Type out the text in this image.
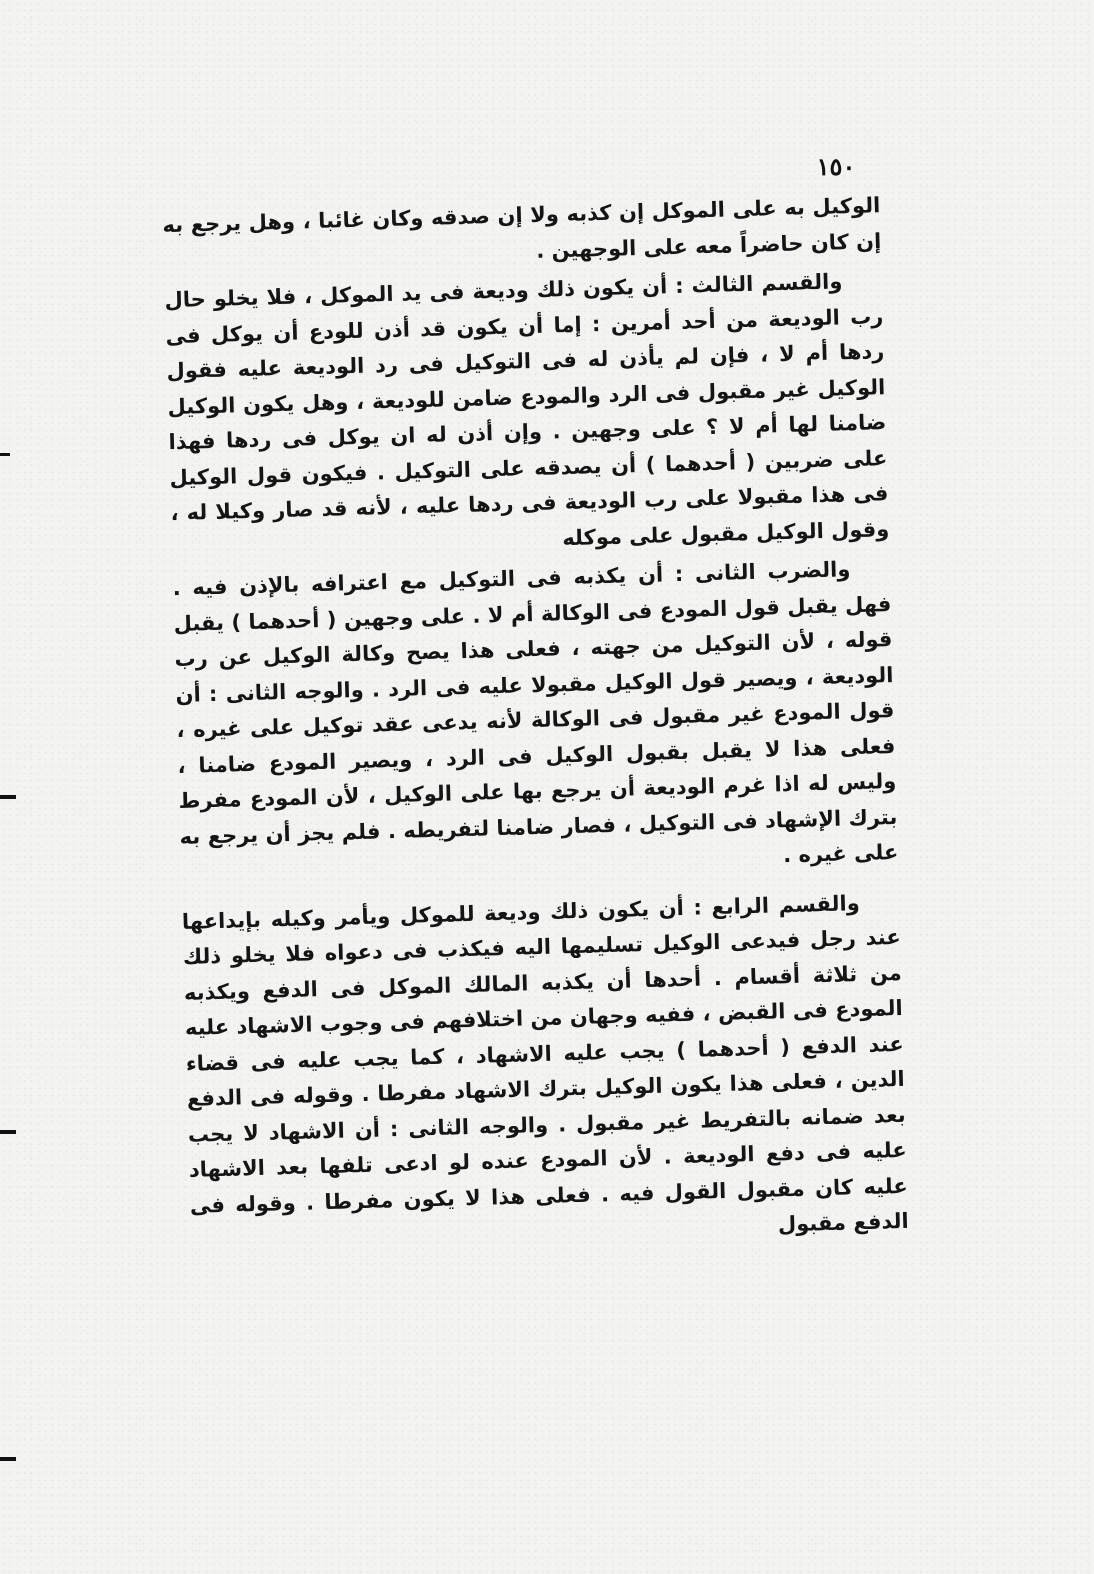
١٥٠

الوكيل به على الموكل إن كذبه ولا إن صدقه وكان غائبا ، وهل يرجع به إن كان حاضراً معه على الوجهين .

والقسم الثالث : أن يكون ذلك وديعة فى يد الموكل ، فلا يخلو حال رب الوديعة من أحد أمرين : إما أن يكون قد أذن للودع أن يوكل فى ردها أم لا ، فإن لم يأذن له فى التوكيل فى رد الوديعة عليه فقول الوكيل غير مقبول فى الرد والمودع ضامن للوديعة ، وهل يكون الوكيل ضامنا لها أم لا ؟ على وجهين . وإن أذن له ان يوكل فى ردها فهذا على ضربين ( أحدهما ) أن يصدقه على التوكيل . فيكون قول الوكيل فى هذا مقبولا على رب الوديعة فى ردها عليه ، لأنه قد صار وكيلا له ، وقول الوكيل مقبول على موكله

والضرب الثانى : أن يكذبه فى التوكيل مع اعترافه بالإذن فيه . فهل يقبل قول المودع فى الوكالة أم لا . على وجهين ( أحدهما ) يقبل قوله ، لأن التوكيل من جهته ، فعلى هذا يصح وكالة الوكيل عن رب الوديعة ، ويصير قول الوكيل مقبولا عليه فى الرد . والوجه الثانى : أن قول المودع غير مقبول فى الوكالة لأنه يدعى عقد توكيل على غيره ، فعلى هذا لا يقبل بقبول الوكيل فى الرد ، ويصير المودع ضامنا ، وليس له اذا غرم الوديعة أن يرجع بها على الوكيل ، لأن المودع مفرط بترك الإشهاد فى التوكيل ، فصار ضامنا لتفريطه . فلم يجز أن يرجع به على غيره .

والقسم الرابع : أن يكون ذلك وديعة للموكل ويأمر وكيله بإيداعها عند رجل فيدعى الوكيل تسليمها اليه فيكذب فى دعواه فلا يخلو ذلك من ثلاثة أقسام . أحدها أن يكذبه المالك الموكل فى الدفع ويكذبه المودع فى القبض ، ففيه وجهان من اختلافهم فى وجوب الاشهاد عليه عند الدفع ( أحدهما ) يجب عليه الاشهاد ، كما يجب عليه فى قضاء الدين ، فعلى هذا يكون الوكيل بترك الاشهاد مفرطا . وقوله فى الدفع بعد ضمانه بالتفريط غير مقبول . والوجه الثانى : أن الاشهاد لا يجب عليه فى دفع الوديعة . لأن المودع عنده لو ادعى تلفها بعد الاشهاد عليه كان مقبول القول فيه . فعلى هذا لا يكون مفرطا . وقوله فى الدفع مقبول
